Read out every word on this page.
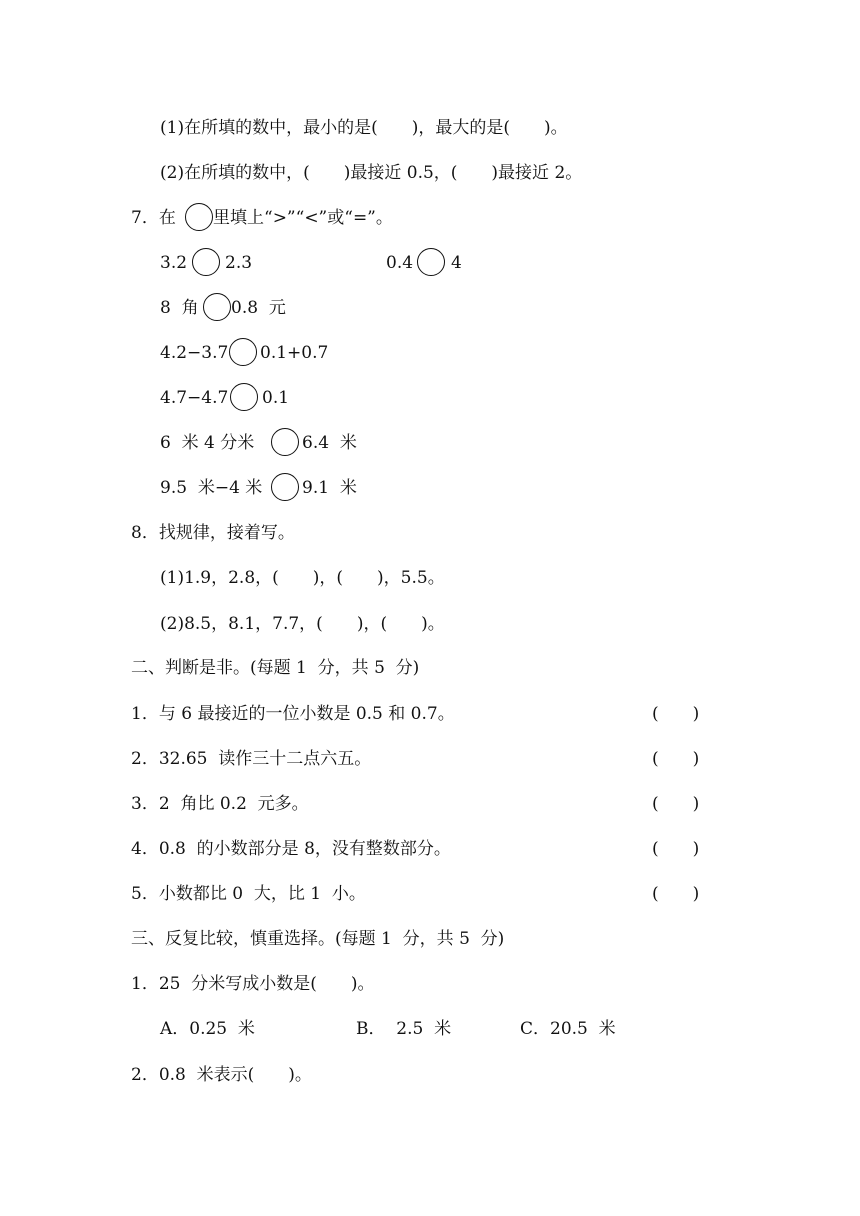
(1)在所填的数中，最小的是(　　)，最大的是(　　)。
(2)在所填的数中，(　　)最接近 0.5，(　　)最接近 2。
7．在 里填上“>”“<”或“=”。
3.2 2.3	0.4 4
8  角 0.8  元
4.2−3.7 0.1+0.7
4.7−4.7 0.1
6  米 4 分米	6.4  米
9.5  米−4 米 9.1  米
8．找规律，接着写。
(1)1.9，2.8，(　　)，(　　)，5.5。
(2)8.5，8.1，7.7，(　　)，(　　)。
二、判断是非。(每题 1  分，共 5  分)
1．与 6 最接近的一位小数是 0.5 和 0.7。	(　　)
2．32.65  读作三十二点六五。	(　　)
3．2  角比 0.2  元多。	(　　)
4．0.8  的小数部分是 8，没有整数部分。	(　　)
5．小数都比 0  大，比 1  小。	(　　)
三、反复比较，慎重选择。(每题 1  分，共 5  分)
1．25  分米写成小数是(　　)。
A．0.25  米	B．  2.5  米	C．20.5  米
2．0.8  米表示(　　)。
